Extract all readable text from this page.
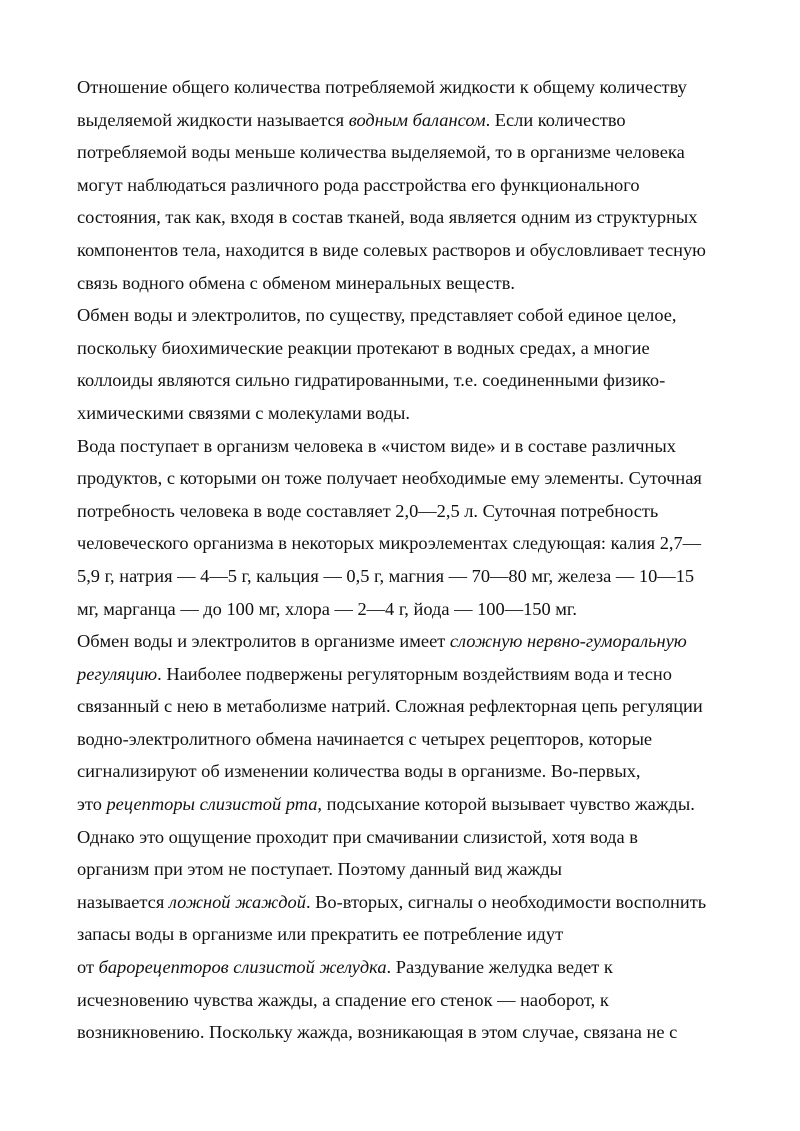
Отношение общего количества потребляемой жидкости к общему количеству
выделяемой жидкости называется водным балансом. Если количество
потребляемой воды меньше количества выделяемой, то в организме человека
могут наблюдаться различного рода расстройства его функционального
состояния, так как, входя в состав тканей, вода является одним из структурных
компонентов тела, находится в виде солевых растворов и обусловливает тесную
связь водного обмена с обменом минеральных веществ.
Обмен воды и электролитов, по существу, представляет собой единое целое,
поскольку биохимические реакции протекают в водных средах, а многие
коллоиды являются сильно гидратированными, т.е. соединенными физико-
химическими связями с молекулами воды.
Вода поступает в организм человека в «чистом виде» и в составе различных
продуктов, с которыми он тоже получает необходимые ему элементы. Суточная
потребность человека в воде составляет 2,0—2,5 л. Суточная потребность
человеческого организма в некоторых микроэлементах следующая: калия 2,7—
5,9 г, натрия — 4—5 г, кальция — 0,5 г, магния — 70—80 мг, железа — 10—15
мг, марганца — до 100 мг, хлора — 2—4 г, йода — 100—150 мг.
Обмен воды и электролитов в организме имеет сложную нервно-гуморальную
регуляцию. Наиболее подвержены регуляторным воздействиям вода и тесно
связанный с нею в метаболизме натрий. Сложная рефлекторная цепь регуляции
водно-электролитного обмена начинается с четырех рецепторов, которые
сигнализируют об изменении количества воды в организме. Во-первых,
это рецепторы слизистой рта, подсыхание которой вызывает чувство жажды.
Однако это ощущение проходит при смачивании слизистой, хотя вода в
организм при этом не поступает. Поэтому данный вид жажды
называется ложной жаждой. Во-вторых, сигналы о необходимости восполнить
запасы воды в организме или прекратить ее потребление идут
от барорецепторов слизистой желудка. Раздувание желудка ведет к
исчезновению чувства жажды, а спадение его стенок — наоборот, к
возникновению. Поскольку жажда, возникающая в этом случае, связана не с
